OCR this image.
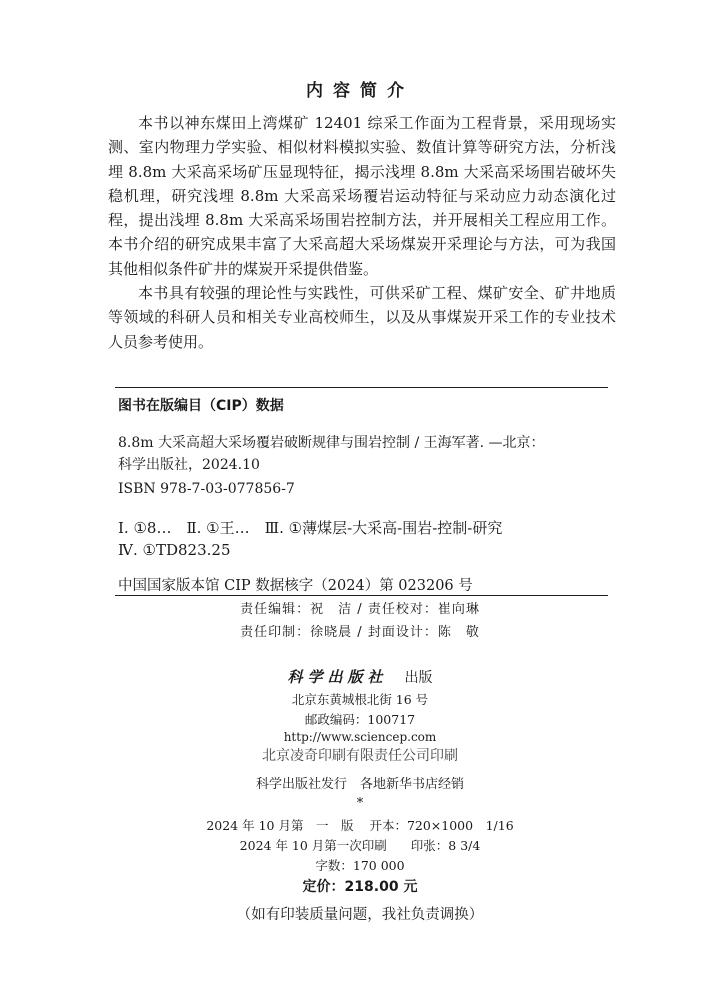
内容简介

本书以神东煤田上湾煤矿 12401 综采工作面为工程背景，采用现场实测、室内物理力学实验、相似材料模拟实验、数值计算等研究方法，分析浅埋 8.8m 大采高采场矿压显现特征，揭示浅埋 8.8m 大采高采场围岩破坏失稳机理，研究浅埋 8.8m 大采高采场覆岩运动特征与采动应力动态演化过程，提出浅埋 8.8m 大采高采场围岩控制方法，并开展相关工程应用工作。本书介绍的研究成果丰富了大采高超大采场煤炭开采理论与方法，可为我国其他相似条件矿井的煤炭开采提供借鉴。

本书具有较强的理论性与实践性，可供采矿工程、煤矿安全、矿井地质等领域的科研人员和相关专业高校师生，以及从事煤炭开采工作的专业技术人员参考使用。

图书在版编目（CIP）数据
8.8m 大采高超大采场覆岩破断规律与围岩控制 / 王海军著. —北京：
科学出版社，2024.10
ISBN 978-7-03-077856-7
Ⅰ. ①8…　Ⅱ. ①王…　Ⅲ. ①薄煤层-大采高-围岩-控制-研究
Ⅳ. ①TD823.25
中国国家版本馆 CIP 数据核字（2024）第 023206 号
责任编辑：祝　洁 / 责任校对：崔向琳
责任印制：徐晓晨 / 封面设计：陈　敬
科学出版社 出版
北京东黄城根北街 16 号
邮政编码：100717
http://www.sciencep.com
北京凌奇印刷有限责任公司印刷
科学出版社发行　各地新华书店经销
*
2024 年 10 月第　一　版 开本：720×1000　1/16
2024 年 10 月第一次印刷 印张：8 3/4
字数：170 000
定价：218.00 元
（如有印装质量问题，我社负责调换）
